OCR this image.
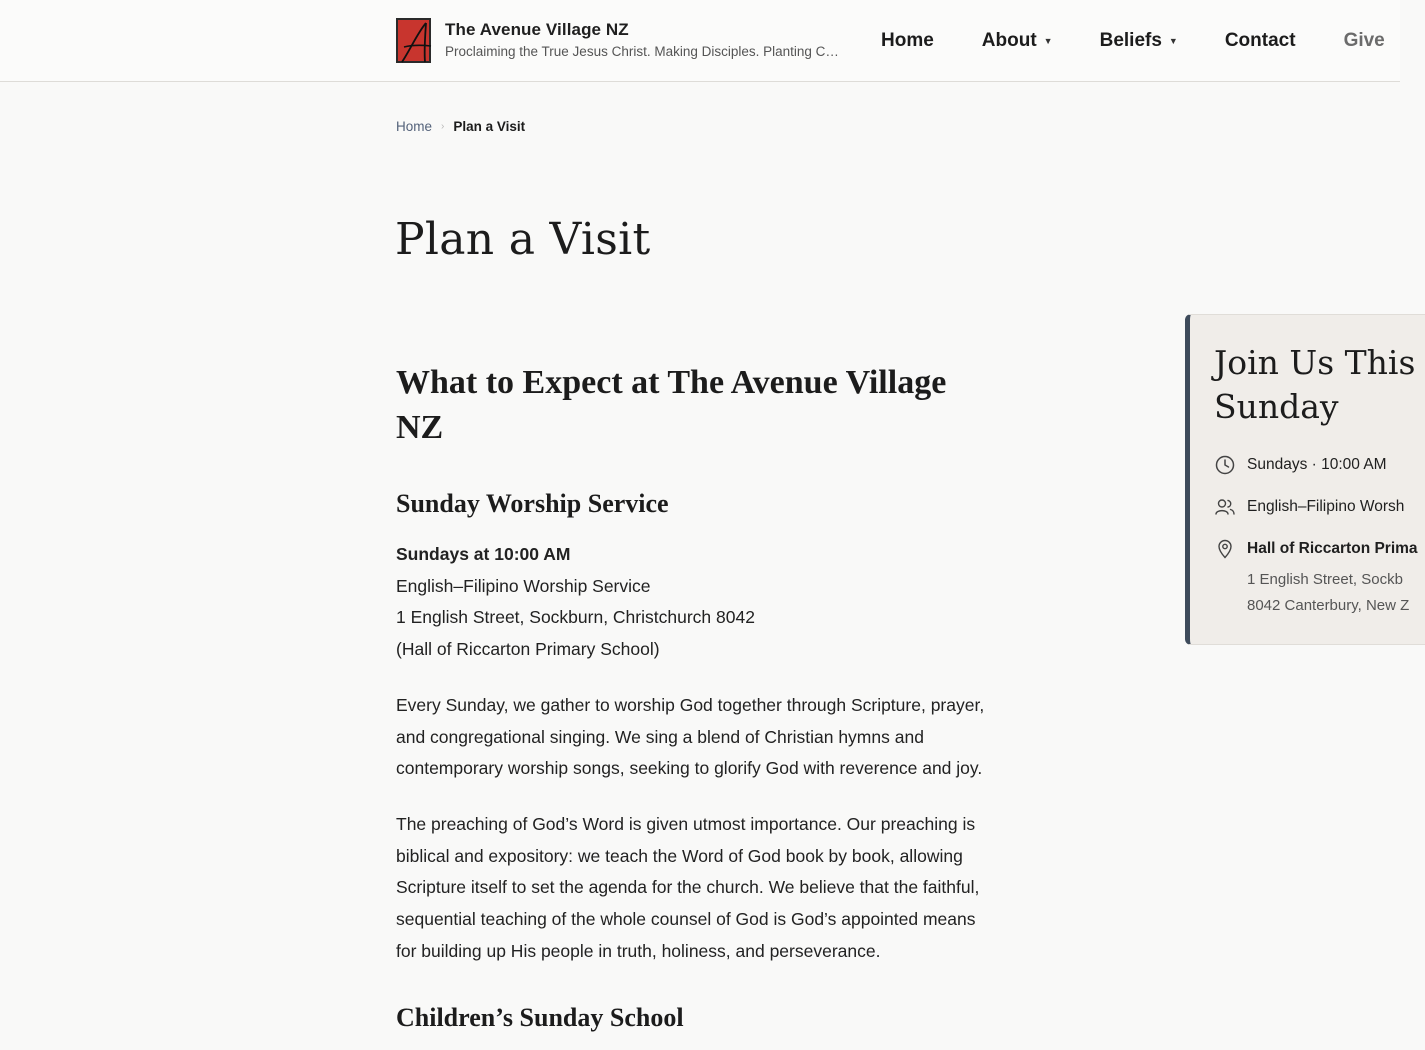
The Avenue Village NZ
Proclaiming the True Jesus Christ. Making Disciples. Planting C…
Home	About ▼ Beliefs ▼ Contact	Give
Home › Plan a Visit
Plan a Visit
What to Expect at The Avenue Village NZ
Sunday Worship Service

Sundays at 10:00 AM

English–Filipino Worship Service

1 English Street, Sockburn, Christchurch 8042

(Hall of Riccarton Primary School)

Every Sunday, we gather to worship God together through Scripture, prayer, and congregational singing. We sing a blend of Christian hymns and contemporary worship songs, seeking to glorify God with reverence and joy.

The preaching of God’s Word is given utmost importance. Our preaching is biblical and expository: we teach the Word of God book by book, allowing Scripture itself to set the agenda for the church. We believe that the faithful, sequential teaching of the whole counsel of God is God’s appointed means for building up His people in truth, holiness, and perseverance.

Children’s Sunday School
Join Us This
Sunday
Sundays · 10:00 AM
English–Filipino Worsh
Hall of Riccarton Prima
1 English Street, Sockb
8042 Canterbury, New Z
